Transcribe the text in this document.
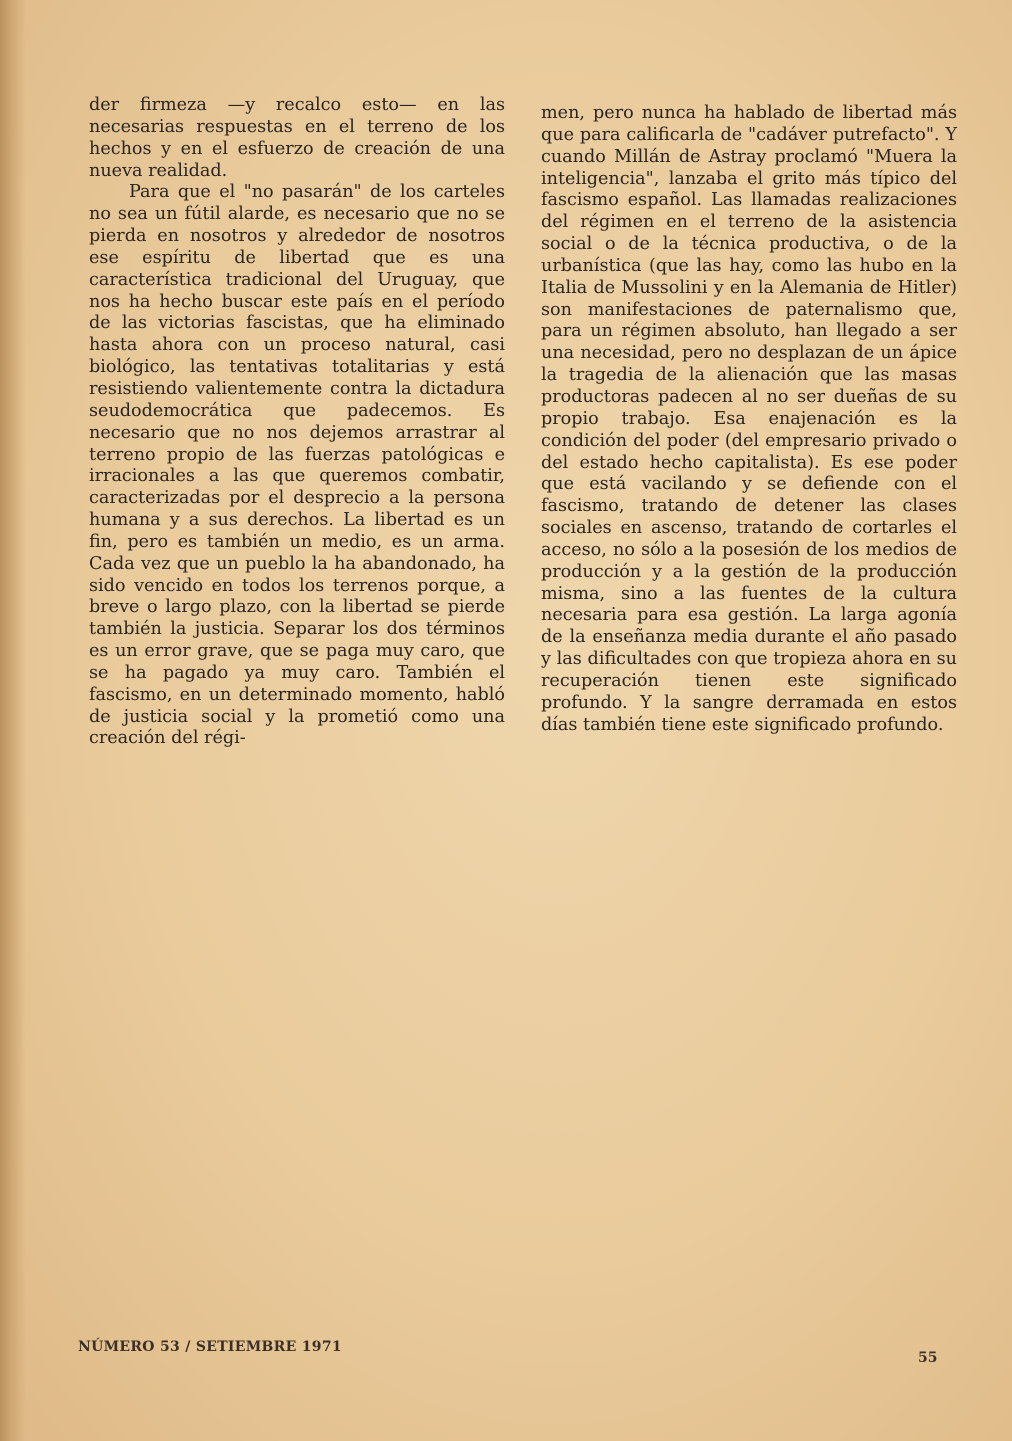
der firmeza —y recalco esto— en las necesarias respuestas en el terreno de los hechos y en el esfuerzo de creación de una nueva realidad.

Para que el "no pasarán" de los carteles no sea un fútil alarde, es necesario que no se pierda en nosotros y alrededor de nosotros ese espíritu de libertad que es una característica tradicional del Uruguay, que nos ha hecho buscar este país en el período de las victorias fascistas, que ha eliminado hasta ahora con un proceso natural, casi biológico, las tentativas totalitarias y está resistiendo valientemente contra la dictadura seudodemocrática que padecemos. Es necesario que no nos dejemos arrastrar al terreno propio de las fuerzas patológicas e irracionales a las que queremos combatir, caracterizadas por el desprecio a la persona humana y a sus derechos. La libertad es un fin, pero es también un medio, es un arma. Cada vez que un pueblo la ha abandonado, ha sido vencido en todos los terrenos porque, a breve o largo plazo, con la libertad se pierde también la justicia. Separar los dos términos es un error grave, que se paga muy caro, que se ha pagado ya muy caro. También el fascismo, en un determinado momento, habló de justicia social y la prometió como una creación del régi-

men, pero nunca ha hablado de libertad más que para calificarla de "cadáver putrefacto". Y cuando Millán de Astray proclamó "Muera la inteligencia", lanzaba el grito más típico del fascismo español. Las llamadas realizaciones del régimen en el terreno de la asistencia social o de la técnica productiva, o de la urbanística (que las hay, como las hubo en la Italia de Mussolini y en la Alemania de Hitler) son manifestaciones de paternalismo que, para un régimen absoluto, han llegado a ser una necesidad, pero no desplazan de un ápice la tragedia de la alienación que las masas productoras padecen al no ser dueñas de su propio trabajo. Esa enajenación es la condición del poder (del empresario privado o del estado hecho capitalista). Es ese poder que está vacilando y se defiende con el fascismo, tratando de detener las clases sociales en ascenso, tratando de cortarles el acceso, no sólo a la posesión de los medios de producción y a la gestión de la producción misma, sino a las fuentes de la cultura necesaria para esa gestión. La larga agonía de la enseñanza media durante el año pasado y las dificultades con que tropieza ahora en su recuperación tienen este significado profundo. Y la sangre derramada en estos días también tiene este significado profundo.

NÚMERO 53 / SETIEMBRE 1971
55
